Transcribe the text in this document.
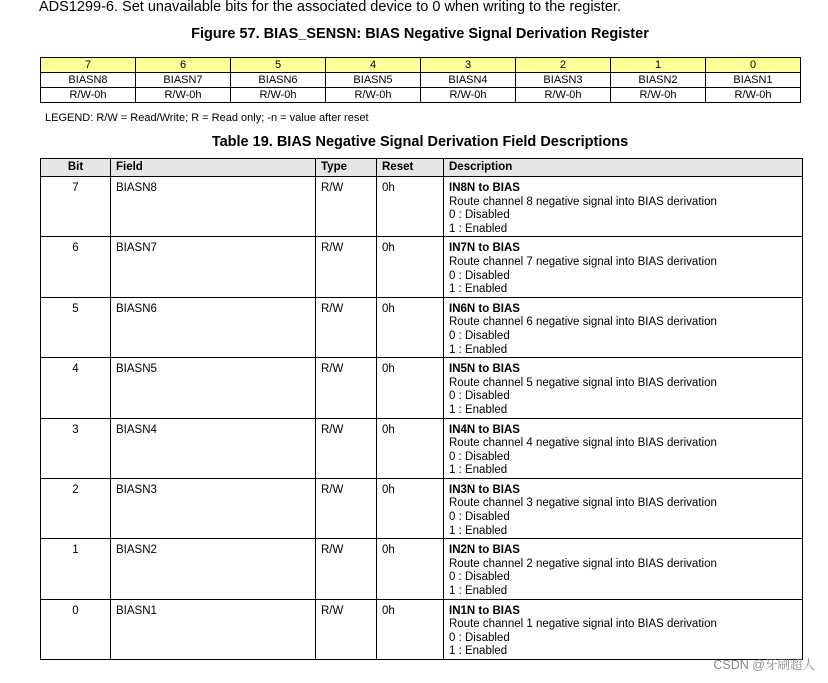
ADS1299-6. Set unavailable bits for the associated device to 0 when writing to the register.
Figure 57. BIAS_SENSN: BIAS Negative Signal Derivation Register
7	6	5	4	3	2	1	0
BIASN8	BIASN7	BIASN6	BIASN5	BIASN4	BIASN3	BIASN2	BIASN1
R/W-0h	R/W-0h	R/W-0h	R/W-0h	R/W-0h	R/W-0h	R/W-0h	R/W-0h
LEGEND: R/W = Read/Write; R = Read only; -n = value after reset
Table 19. BIAS Negative Signal Derivation Field Descriptions
Bit	Field	Type	Reset	Description
7	BIASN8	R/W	0h	IN8N to BIAS
Route channel 8 negative signal into BIAS derivation
0 : Disabled
1 : Enabled

6	BIASN7	R/W	0h	IN7N to BIAS
Route channel 7 negative signal into BIAS derivation
0 : Disabled
1 : Enabled

5	BIASN6	R/W	0h	IN6N to BIAS
Route channel 6 negative signal into BIAS derivation
0 : Disabled
1 : Enabled

4	BIASN5	R/W	0h	IN5N to BIAS
Route channel 5 negative signal into BIAS derivation
0 : Disabled
1 : Enabled

3	BIASN4	R/W	0h	IN4N to BIAS
Route channel 4 negative signal into BIAS derivation
0 : Disabled
1 : Enabled

2	BIASN3	R/W	0h	IN3N to BIAS
Route channel 3 negative signal into BIAS derivation
0 : Disabled
1 : Enabled

1	BIASN2	R/W	0h	IN2N to BIAS
Route channel 2 negative signal into BIAS derivation
0 : Disabled
1 : Enabled

0	BIASN1	R/W	0h	IN1N to BIAS
Route channel 1 negative signal into BIAS derivation
0 : Disabled
1 : Enabled
CSDN @牙刷超人
